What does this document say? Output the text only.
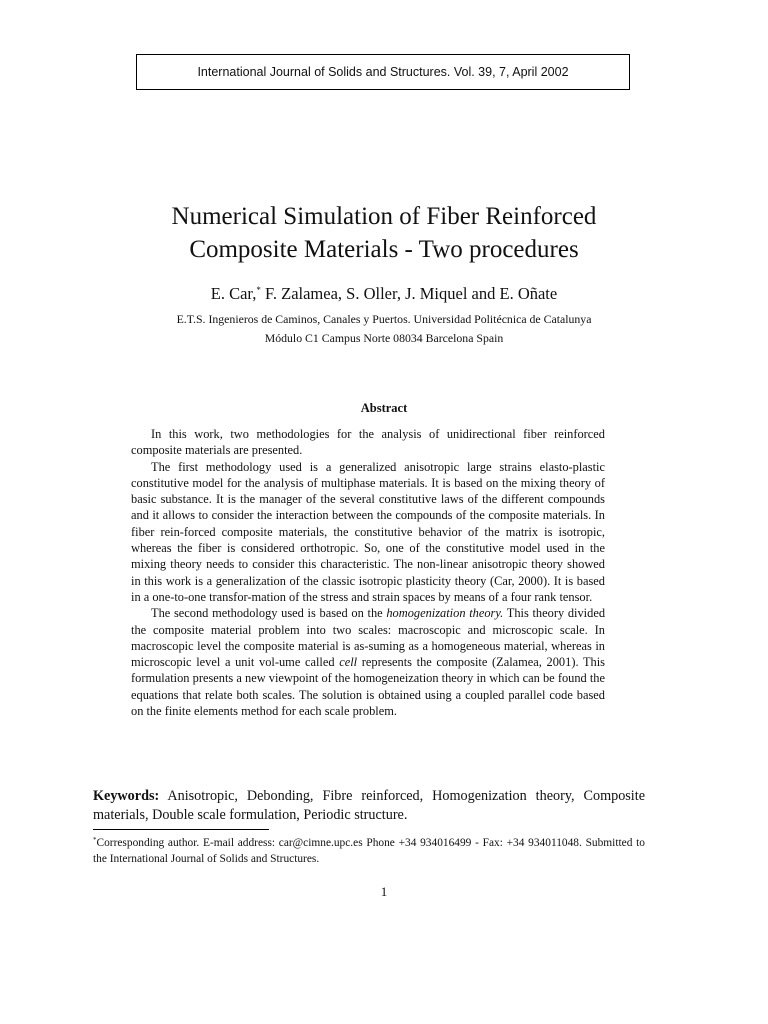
International Journal of Solids and Structures. Vol. 39, 7, April 2002
Numerical Simulation of Fiber Reinforced
Composite Materials - Two procedures
E. Car,* F. Zalamea, S. Oller, J. Miquel and E. Oñate
E.T.S. Ingenieros de Caminos, Canales y Puertos. Universidad Politécnica de Catalunya
Módulo C1 Campus Norte 08034 Barcelona Spain
Abstract

In this work, two methodologies for the analysis of unidirectional fiber reinforced composite materials are presented.

The first methodology used is a generalized anisotropic large strains elasto-plastic constitutive model for the analysis of multiphase materials. It is based on the mixing theory of basic substance. It is the manager of the several constitutive laws of the different compounds and it allows to consider the interaction between the compounds of the composite materials. In fiber rein-forced composite materials, the constitutive behavior of the matrix is isotropic, whereas the fiber is considered orthotropic. So, one of the constitutive model used in the mixing theory needs to consider this characteristic. The non-linear anisotropic theory showed in this work is a generalization of the classic isotropic plasticity theory (Car, 2000). It is based in a one-to-one transfor-mation of the stress and strain spaces by means of a four rank tensor.

The second methodology used is based on the homogenization theory. This theory divided the composite material problem into two scales: macroscopic and microscopic scale. In macroscopic level the composite material is as-suming as a homogeneous material, whereas in microscopic level a unit vol-ume called cell represents the composite (Zalamea, 2001). This formulation presents a new viewpoint of the homogeneization theory in which can be found the equations that relate both scales. The solution is obtained using a coupled parallel code based on the finite elements method for each scale problem.

Keywords: Anisotropic, Debonding, Fibre reinforced, Homogenization theory, Composite materials, Double scale formulation, Periodic structure.
*Corresponding author. E-mail address: car@cimne.upc.es Phone +34 934016499 - Fax: +34 934011048. Submitted to the International Journal of Solids and Structures.
1
